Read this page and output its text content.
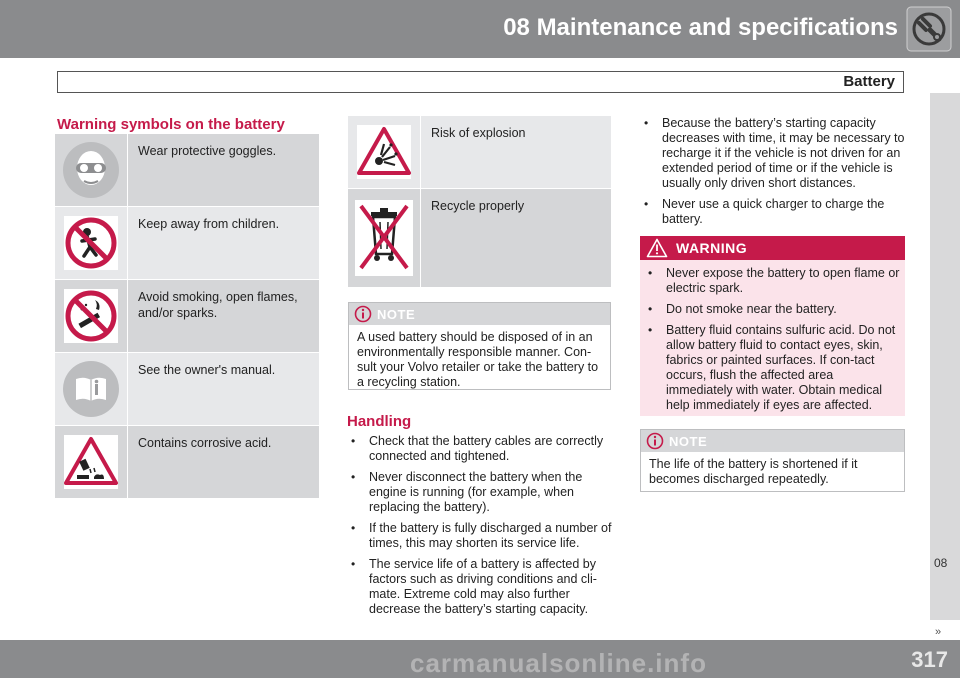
08 Maintenance and specifications
Battery
08
»
carmanualsonline.info	317
Warning symbols on the battery
Wear protective goggles.
Keep away from children.
Avoid smoking, open flames, and/or sparks.
See the owner's manual.
Contains corrosive acid.
Risk of explosion
Recycle properly
NOTE
A used battery should be disposed of in an environmentally responsible manner. Con-sult your Volvo retailer or take the battery to a recycling station.
Handling
• Check that the battery cables are correctly connected and tightened.
• Never disconnect the battery when the engine is running (for example, when replacing the battery).
• If the battery is fully discharged a number of times, this may shorten its service life.
• The service life of a battery is affected by factors such as driving conditions and cli-mate. Extreme cold may also further decrease the battery’s starting capacity.
• Because the battery’s starting capacity decreases with time, it may be necessary to recharge it if the vehicle is not driven for an extended period of time or if the vehicle is usually only driven short distances.
• Never use a quick charger to charge the battery.
WARNING
• Never expose the battery to open flame or electric spark.
• Do not smoke near the battery.
• Battery fluid contains sulfuric acid. Do not allow battery fluid to contact eyes, skin, fabrics or painted surfaces. If con-tact occurs, flush the affected area immediately with water. Obtain medical help immediately if eyes are affected.
NOTE
The life of the battery is shortened if it becomes discharged repeatedly.
